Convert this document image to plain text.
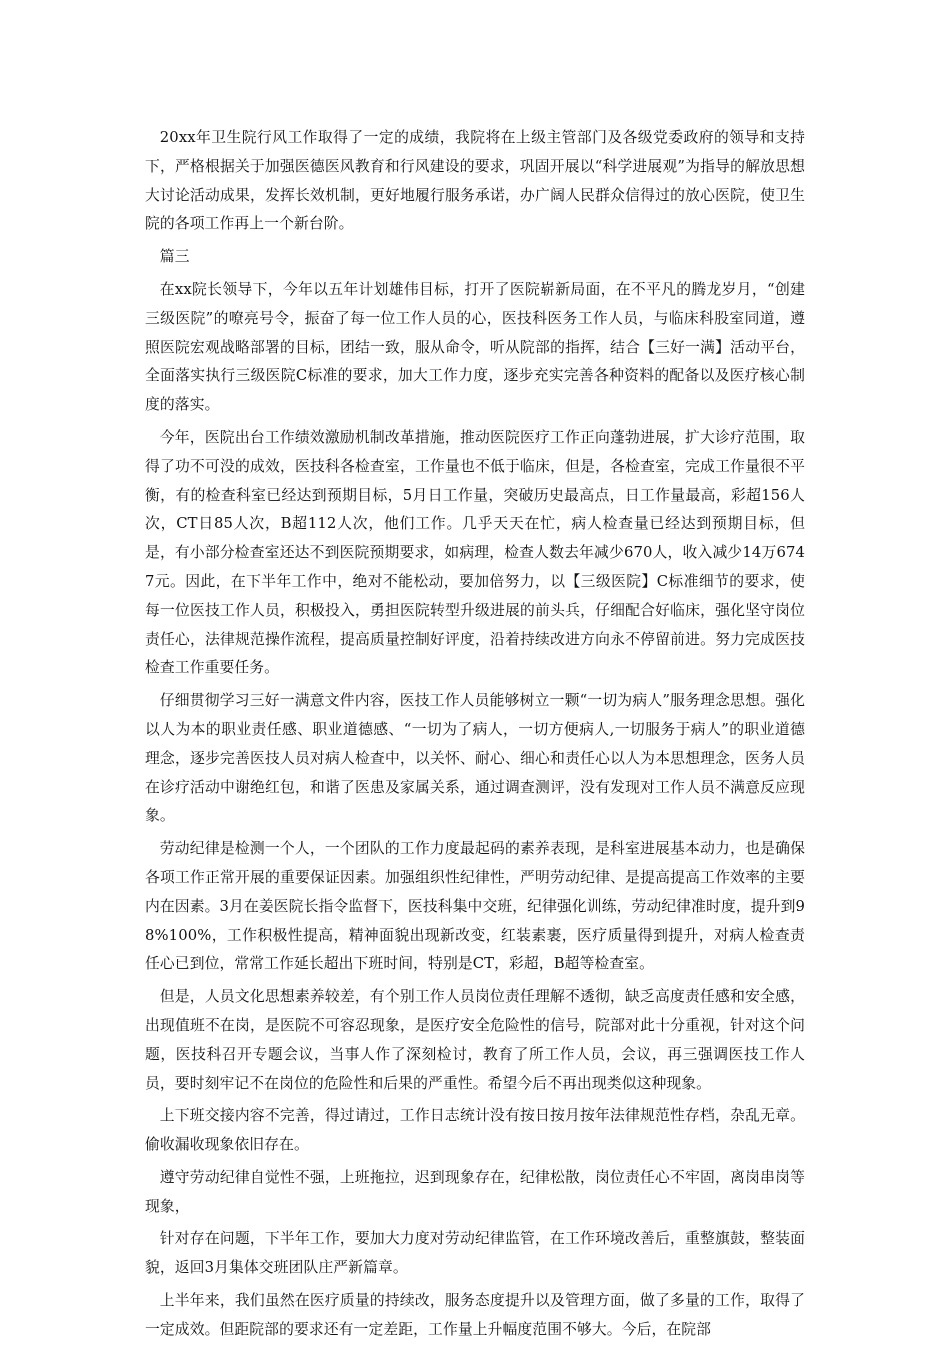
20xx年卫生院行风工作取得了一定的成绩，我院将在上级主管部门及各级党委政府的领导和支持下，严格根据关于加强医德医风教育和行风建设的要求，巩固开展以“科学进展观”为指导的解放思想大讨论活动成果，发挥长效机制，更好地履行服务承诺，办广阔人民群众信得过的放心医院，使卫生院的各项工作再上一个新台阶。

篇三

在xx院长领导下，今年以五年计划雄伟目标，打开了医院崭新局面，在不平凡的腾龙岁月，“创建三级医院”的嘹亮号令，振奋了每一位工作人员的心，医技科医务工作人员，与临床科股室同道，遵照医院宏观战略部署的目标，团结一致，服从命令，听从院部的指挥，结合【三好一满】活动平台，全面落实执行三级医院C标准的要求，加大工作力度，逐步充实完善各种资料的配备以及医疗核心制度的落实。

今年，医院出台工作绩效激励机制改革措施，推动医院医疗工作正向蓬勃进展，扩大诊疗范围，取得了功不可没的成效，医技科各检查室，工作量也不低于临床，但是，各检查室，完成工作量很不平衡，有的检查科室已经达到预期目标，5月日工作量，突破历史最高点，日工作量最高，彩超156人次，CT日85人次，B超112人次，他们工作。几乎天天在忙，病人检查量已经达到预期目标，但是，有小部分检查室还达不到医院预期要求，如病理，检查人数去年减少670人，收入减少14万6747元。因此，在下半年工作中，绝对不能松动，要加倍努力，以【三级医院】C标准细节的要求，使每一位医技工作人员，积极投入，勇担医院转型升级进展的前头兵，仔细配合好临床，强化坚守岗位责任心，法律规范操作流程，提高质量控制好评度，沿着持续改进方向永不停留前进。努力完成医技检查工作重要任务。

仔细贯彻学习三好一满意文件内容，医技工作人员能够树立一颗“一切为病人”服务理念思想。强化以人为本的职业责任感、职业道德感、“一切为了病人，一切方便病人,一切服务于病人”的职业道德理念，逐步完善医技人员对病人检查中，以关怀、耐心、细心和责任心以人为本思想理念，医务人员在诊疗活动中谢绝红包，和谐了医患及家属关系，通过调查测评，没有发现对工作人员不满意反应现象。

劳动纪律是检测一个人，一个团队的工作力度最起码的素养表现，是科室进展基本动力，也是确保各项工作正常开展的重要保证因素。加强组织性纪律性，严明劳动纪律、是提高提高工作效率的主要内在因素。3月在姜医院长指令监督下，医技科集中交班，纪律强化训练，劳动纪律准时度，提升到98%100%，工作积极性提高，精神面貌出现新改变，红装素裹，医疗质量得到提升，对病人检查责任心已到位，常常工作延长超出下班时间，特别是CT，彩超，B超等检查室。

但是，人员文化思想素养较差，有个别工作人员岗位责任理解不透彻，缺乏高度责任感和安全感，出现值班不在岗，是医院不可容忍现象，是医疗安全危险性的信号，院部对此十分重视，针对这个问题，医技科召开专题会议，当事人作了深刻检讨，教育了所工作人员，会议，再三强调医技工作人员，要时刻牢记不在岗位的危险性和后果的严重性。希望今后不再出现类似这种现象。

上下班交接内容不完善，得过请过，工作日志统计没有按日按月按年法律规范性存档，杂乱无章。偷收漏收现象依旧存在。

遵守劳动纪律自觉性不强，上班拖拉，迟到现象存在，纪律松散，岗位责任心不牢固，离岗串岗等现象，

针对存在问题，下半年工作，要加大力度对劳动纪律监管，在工作环境改善后，重整旗鼓，整装面貌，返回3月集体交班团队庄严新篇章。

上半年来，我们虽然在医疗质量的持续改，服务态度提升以及管理方面，做了多量的工作，取得了一定成效。但距院部的要求还有一定差距，工作量上升幅度范围不够大。今后，在院部
